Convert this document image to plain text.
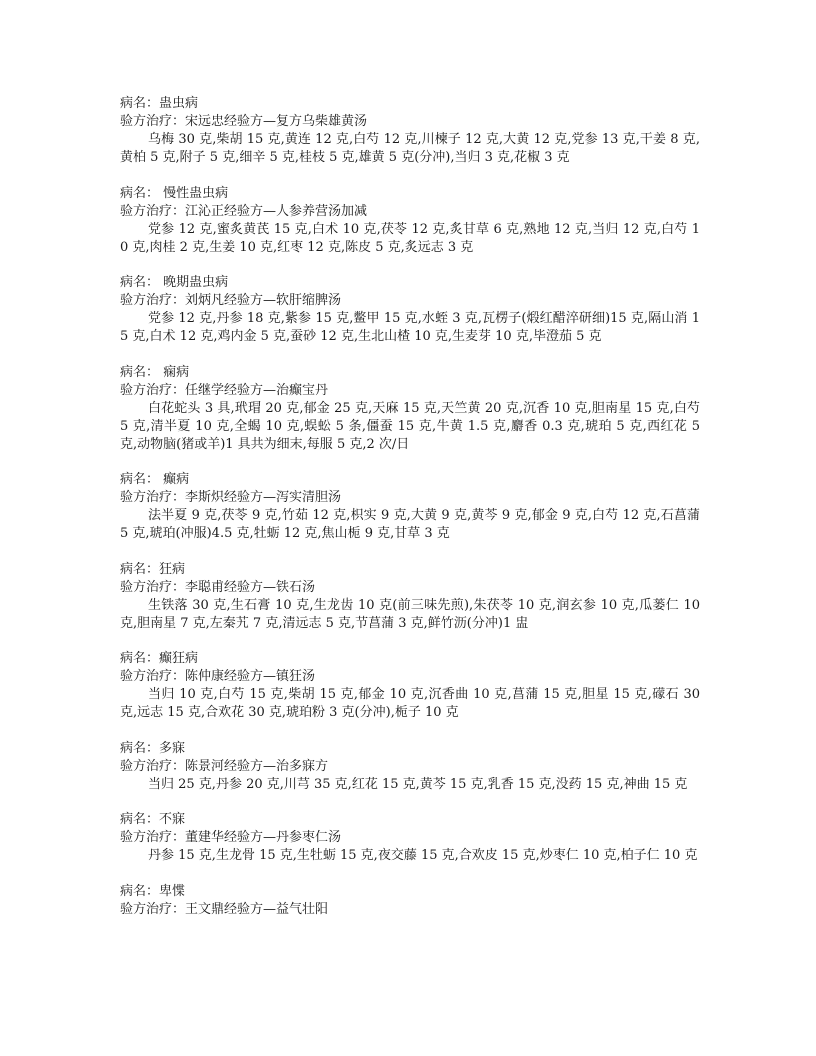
病名：蛊虫病

验方治疗：宋远忠经验方—复方乌柴雄黄汤

乌梅 30 克,柴胡 15 克,黄连 12 克,白芍 12 克,川楝子 12 克,大黄 12 克,党参 13 克,干姜 8 克,黄柏 5 克,附子 5 克,细辛 5 克,桂枝 5 克,雄黄 5 克(分冲),当归 3 克,花椒 3 克

病名： 慢性蛊虫病

验方治疗：江沁正经验方—人参养营汤加减

党参 12 克,蜜炙黄芪 15 克,白术 10 克,茯苓 12 克,炙甘草 6 克,熟地 12 克,当归 12 克,白芍 10 克,肉桂 2 克,生姜 10 克,红枣 12 克,陈皮 5 克,炙远志 3 克

病名： 晚期蛊虫病

验方治疗：刘炳凡经验方—软肝缩脾汤

党参 12 克,丹参 18 克,紫参 15 克,鳖甲 15 克,水蛭 3 克,瓦楞子(煅红醋淬研细)15 克,隔山消 15 克,白术 12 克,鸡内金 5 克,蚕砂 12 克,生北山楂 10 克,生麦芽 10 克,毕澄茄 5 克

病名： 痫病

验方治疗：任继学经验方—治癫宝丹

白花蛇头 3 具,玳瑁 20 克,郁金 25 克,天麻 15 克,天竺黄 20 克,沉香 10 克,胆南星 15 克,白芍 5 克,清半夏 10 克,全蝎 10 克,蜈蚣 5 条,僵蚕 15 克,牛黄 1.5 克,麝香 0.3 克,琥珀 5 克,西红花 5 克,动物脑(猪或羊)1 具共为细末,每服 5 克,2 次/日

病名： 癫病

验方治疗：李斯炽经验方—泻实清胆汤

法半夏 9 克,茯苓 9 克,竹茹 12 克,枳实 9 克,大黄 9 克,黄芩 9 克,郁金 9 克,白芍 12 克,石菖蒲 5 克,琥珀(冲服)4.5 克,牡蛎 12 克,焦山栀 9 克,甘草 3 克

病名：狂病

验方治疗：李聪甫经验方—铁石汤

生铁落 30 克,生石膏 10 克,生龙齿 10 克(前三味先煎),朱茯苓 10 克,润玄参 10 克,瓜蒌仁 10 克,胆南星 7 克,左秦艽 7 克,清远志 5 克,节菖蒲 3 克,鲜竹沥(分冲)1 盅

病名：癫狂病

验方治疗：陈仲康经验方—镇狂汤

当归 10 克,白芍 15 克,柴胡 15 克,郁金 10 克,沉香曲 10 克,菖蒲 15 克,胆星 15 克,礞石 30 克,远志 15 克,合欢花 30 克,琥珀粉 3 克(分冲),栀子 10 克

病名：多寐

验方治疗：陈景河经验方—治多寐方

当归 25 克,丹参 20 克,川芎 35 克,红花 15 克,黄芩 15 克,乳香 15 克,没药 15 克,神曲 15 克

病名：不寐

验方治疗：董建华经验方—丹参枣仁汤

丹参 15 克,生龙骨 15 克,生牡蛎 15 克,夜交藤 15 克,合欢皮 15 克,炒枣仁 10 克,柏子仁 10 克

病名：卑惵

验方治疗：王文鼎经验方—益气壮阳
